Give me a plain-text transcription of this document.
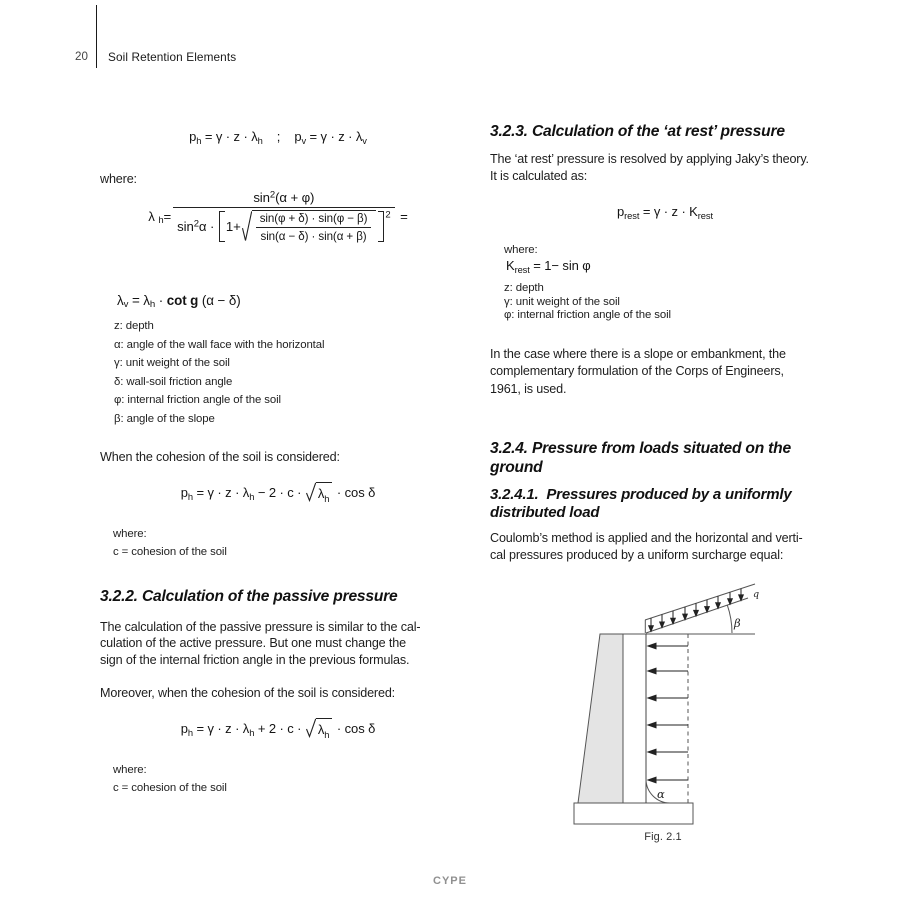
20 Soil Retention Elements
p h = γ · z · λ h ;    p v = γ · z · λ v
where:
λ h =
sin 2 (α + φ)
sin 2 α · 1+
sin(φ + δ) · sin(φ − β)
sin(α − δ) · sin(α + β)
2 =
λ v = λ h · cot g (α − δ)
z: depth
α: angle of the wall face with the horizontal
γ: unit weight of the soil
δ: wall-soil friction angle
φ: internal friction angle of the soil
β: angle of the slope
When the cohesion of the soil is considered:
p h = γ · z · λ h − 2 · c · λ h · cos δ
where:
c = cohesion of the soil
3.2.2. Calculation of the passive pressure
The calculation of the passive pressure is similar to the cal-
culation of the active pressure. But one must change the
sign of the internal friction angle in the previous formulas.
Moreover, when the cohesion of the soil is considered:
p h = γ · z · λ h + 2 · c · λ h · cos δ
where:
c = cohesion of the soil
3.2.3. Calculation of the ‘at rest’ pressure
The ‘at rest’ pressure is resolved by applying Jaky’s theory.
It is calculated as:
p rest = γ · z · K rest
where:
K rest = 1− sin φ
z: depth
γ: unit weight of the soil
φ: internal friction angle of the soil
In the case where there is a slope or embankment, the
complementary formulation of the Corps of Engineers,
1961, is used.
3.2.4. Pressure from loads situated on the
ground
3.2.4.1.  Pressures produced by a uniformly
distributed load
Coulomb’s method is applied and the horizontal and verti-
cal pressures produced by a uniform surcharge equal:
q
β
α
Fig. 2.1
CYPE
